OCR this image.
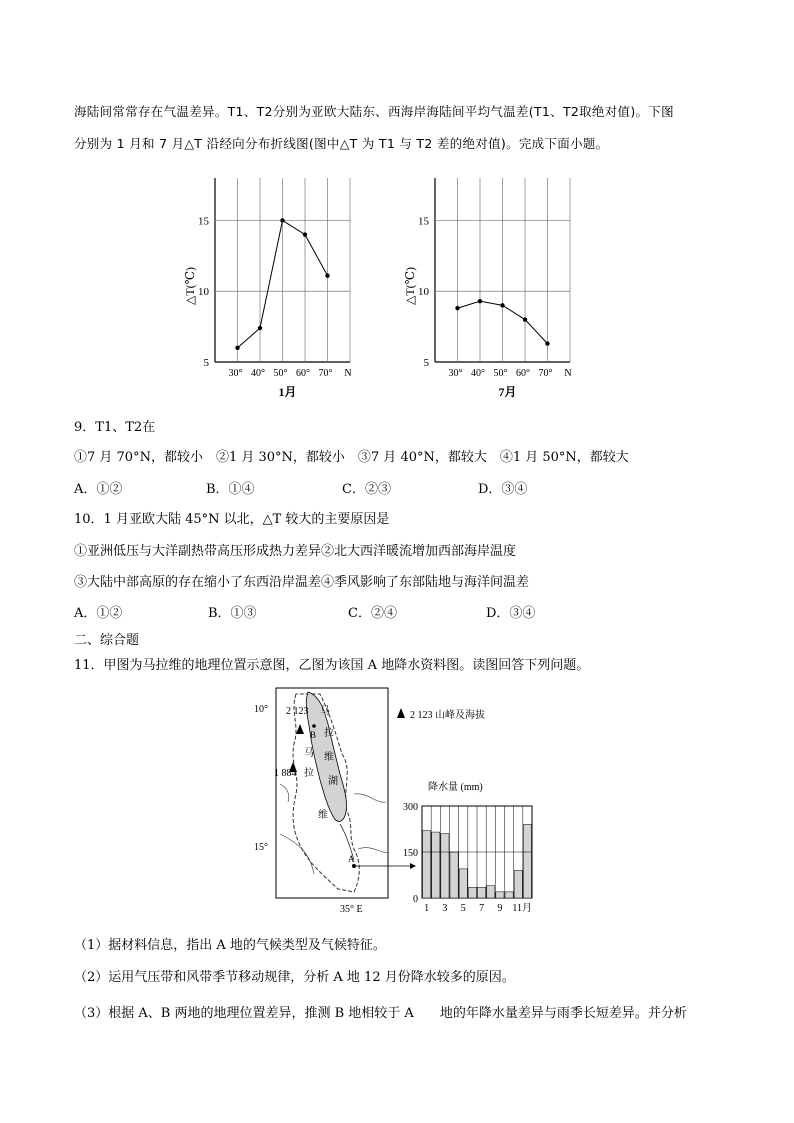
海陆间常常存在气温差异。T1、T2分别为亚欧大陆东、西海岸海陆间平均气温差(T1、T2取绝对值)。下图
分别为 1 月和 7 月△T 沿经向分布折线图(图中△T 为 T1 与 T2 差的绝对值)。完成下面小题。
5
10
15
30° 40° 50° 60° 70° N
△T(℃)
1月
5
10
15
30° 40° 50° 60° 70° N
△T(℃)
7月
9．T1、T2在
①7 月 70°N，都较小　②1 月 30°N，都较小　③7 月 40°N，都较大　④1 月 50°N，都较大
A．①②	B．①④	C．②③	D．③④
10．1 月亚欧大陆 45°N 以北，△T 较大的主要原因是
①亚洲低压与大洋副热带高压形成热力差异②北大西洋暖流增加西部海岸温度
③大陆中部高原的存在缩小了东西沿岸温差④季风影响了东部陆地与海洋间温差
A．①②	B．①③	C．②④	D．③④
二、综合题
11．甲图为马拉维的地理位置示意图，乙图为该国 A 地降水资料图。读图回答下列问题。
10°
15°
35° E
2 123
1 884
B
A
马
拉
维
马
拉
维
湖
2 123 山峰及海拔
降水量 (mm)
0
150
300
1 3 5 7 9 11月
（1）据材料信息，指出 A 地的气候类型及气候特征。
（2）运用气压带和风带季节移动规律，分析 A 地 12 月份降水较多的原因。
（3）根据 A、B 两地的地理位置差异，推测 B 地相较于 A　　地的年降水量差异与雨季长短差异。并分析
